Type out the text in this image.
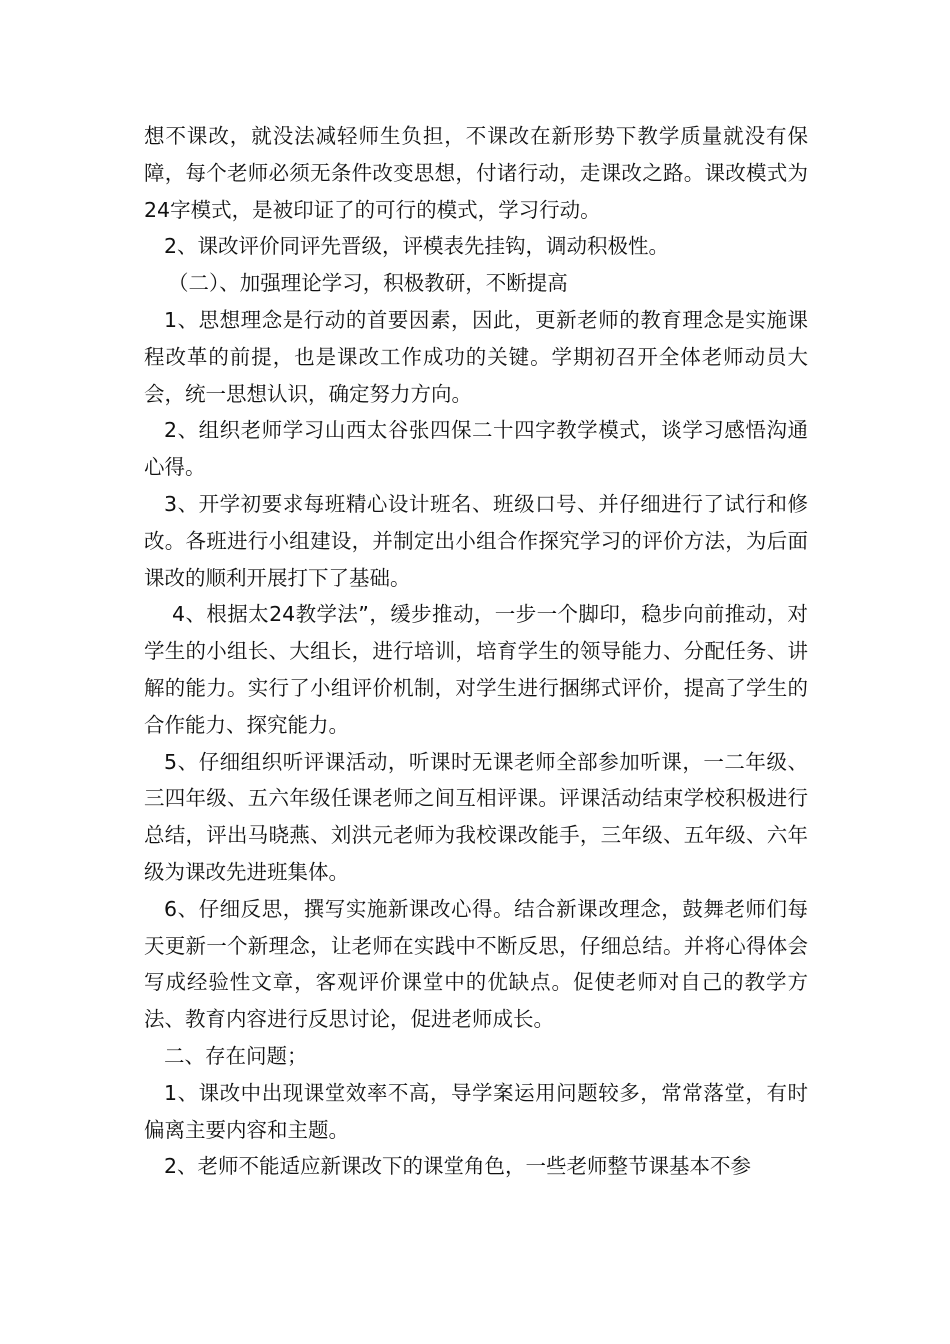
想不课改，就没法减轻师生负担，不课改在新形势下教学质量就没有保障，每个老师必须无条件改变思想，付诸行动，走课改之路。课改模式为24字模式，是被印证了的可行的模式，学习行动。

2、课改评价同评先晋级，评模表先挂钩，调动积极性。

（二）、加强理论学习，积极教研，不断提高

1、思想理念是行动的首要因素，因此，更新老师的教育理念是实施课程改革的前提，也是课改工作成功的关键。学期初召开全体老师动员大会，统一思想认识，确定努力方向。

2、组织老师学习山西太谷张四保二十四字教学模式，谈学习感悟沟通心得。

3、开学初要求每班精心设计班名、班级口号、并仔细进行了试行和修改。各班进行小组建设，并制定出小组合作探究学习的评价方法，为后面课改的顺利开展打下了基础。

4、根据太24教学法”，缓步推动，一步一个脚印，稳步向前推动，对学生的小组长、大组长，进行培训，培育学生的领导能力、分配任务、讲解的能力。实行了小组评价机制，对学生进行捆绑式评价，提高了学生的合作能力、探究能力。

5、仔细组织听评课活动，听课时无课老师全部参加听课，一二年级、三四年级、五六年级任课老师之间互相评课。评课活动结束学校积极进行总结，评出马晓燕、刘洪元老师为我校课改能手，三年级、五年级、六年级为课改先进班集体。

6、仔细反思，撰写实施新课改心得。结合新课改理念，鼓舞老师们每天更新一个新理念，让老师在实践中不断反思，仔细总结。并将心得体会写成经验性文章，客观评价课堂中的优缺点。促使老师对自己的教学方法、教育内容进行反思讨论，促进老师成长。

二、存在问题；

1、课改中出现课堂效率不高，导学案运用问题较多，常常落堂，有时偏离主要内容和主题。

2、老师不能适应新课改下的课堂角色，一些老师整节课基本不参
